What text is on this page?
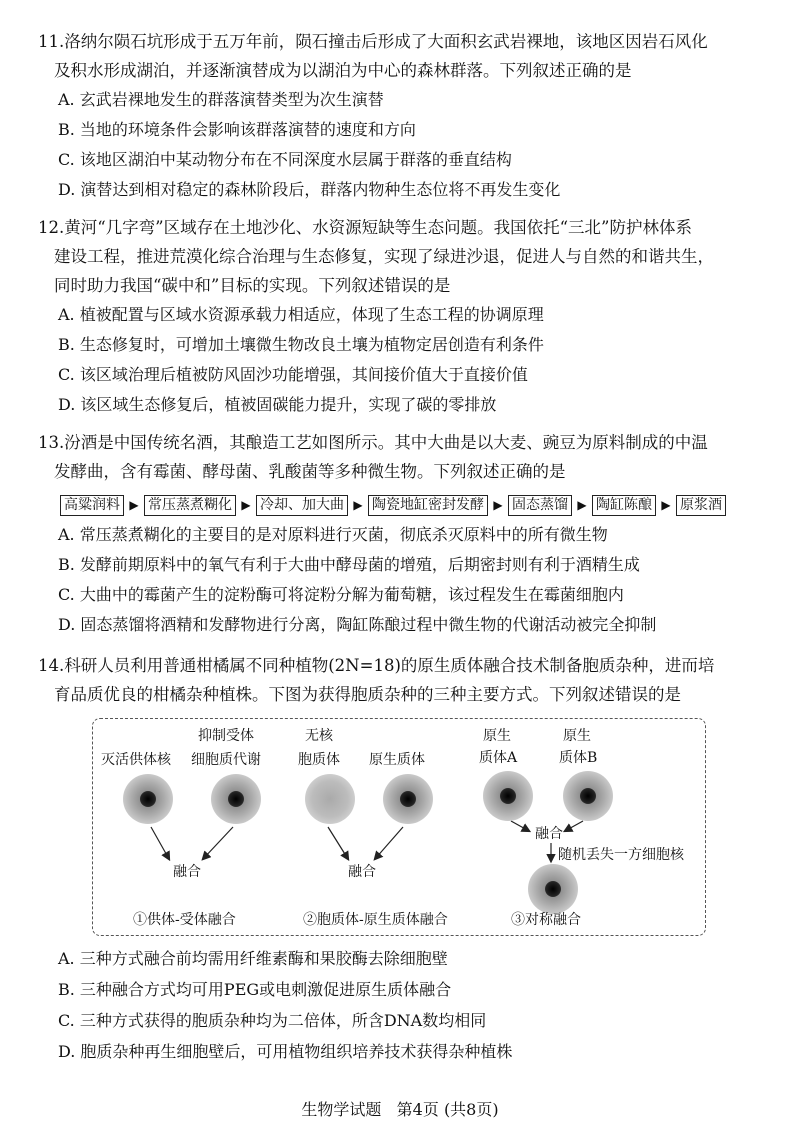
11.洛纳尔陨石坑形成于五万年前，陨石撞击后形成了大面积玄武岩裸地，该地区因岩石风化
及积水形成湖泊，并逐渐演替成为以湖泊为中心的森林群落。下列叙述正确的是

A. 玄武岩裸地发生的群落演替类型为次生演替

B. 当地的环境条件会影响该群落演替的速度和方向

C. 该地区湖泊中某动物分布在不同深度水层属于群落的垂直结构

D. 演替达到相对稳定的森林阶段后，群落内物种生态位将不再发生变化

12.黄河“几字弯”区域存在土地沙化、水资源短缺等生态问题。我国依托“三北”防护林体系
建设工程，推进荒漠化综合治理与生态修复，实现了绿进沙退，促进人与自然的和谐共生，
同时助力我国“碳中和”目标的实现。下列叙述错误的是

A. 植被配置与区域水资源承载力相适应，体现了生态工程的协调原理

B. 生态修复时，可增加土壤微生物改良土壤为植物定居创造有利条件

C. 该区域治理后植被防风固沙功能增强，其间接价值大于直接价值

D. 该区域生态修复后，植被固碳能力提升，实现了碳的零排放

13.汾酒是中国传统名酒，其酿造工艺如图所示。其中大曲是以大麦、豌豆为原料制成的中温
发酵曲，含有霉菌、酵母菌、乳酸菌等多种微生物。下列叙述正确的是

A. 常压蒸煮糊化的主要目的是对原料进行灭菌，彻底杀灭原料中的所有微生物

B. 发酵前期原料中的氧气有利于大曲中酵母菌的增殖，后期密封则有利于酒精生成

C. 大曲中的霉菌产生的淀粉酶可将淀粉分解为葡萄糖，该过程发生在霉菌细胞内

D. 固态蒸馏将酒精和发酵物进行分离，陶缸陈酿过程中微生物的代谢活动被完全抑制

高粱润料 ▶ 常压蒸煮糊化 ▶ 冷却、加大曲 ▶ 陶瓷地缸密封发酵 ▶ 固态蒸馏 ▶ 陶缸陈酿 ▶ 原浆酒

14.科研人员利用普通柑橘属不同种植物(2N=18)的原生质体融合技术制备胞质杂种，进而培
育品质优良的柑橘杂种植株。下图为获得胞质杂种的三种主要方式。下列叙述错误的是

灭活供体核
抑制受体
细胞质代谢
无核
胞质体 原生质体
原生
质体A
原生
质体B
融合	融合
融合
随机丢失一方细胞核
①供体-受体融合	②胞质体-原生质体融合	③对称融合
A. 三种方式融合前均需用纤维素酶和果胶酶去除细胞壁
B. 三种融合方式均可用PEG或电刺激促进原生质体融合
C. 三种方式获得的胞质杂种均为二倍体，所含DNA数均相同
D. 胞质杂种再生细胞壁后，可用植物组织培养技术获得杂种植株
生物学试题 第4页 (共8页)
